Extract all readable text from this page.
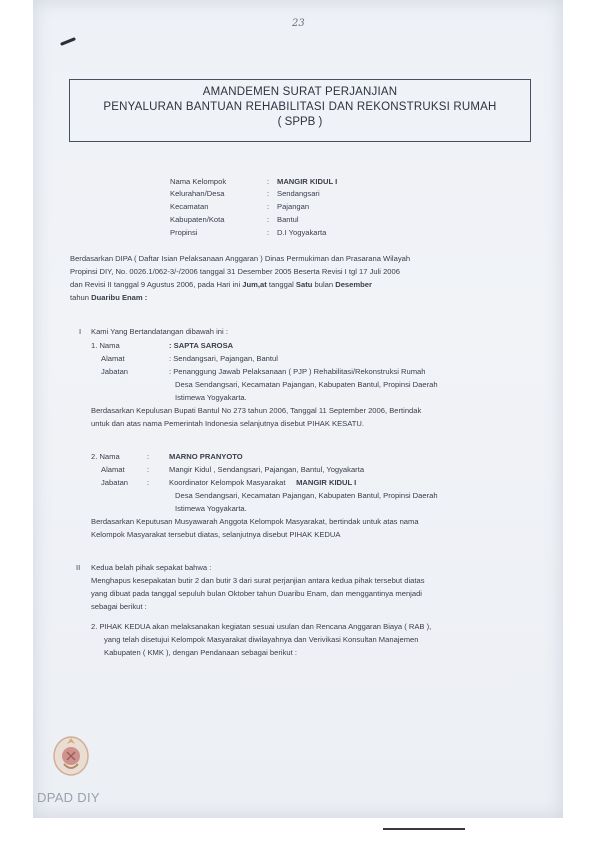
23
AMANDEMEN SURAT PERJANJIAN
PENYALURAN BANTUAN REHABILITASI DAN REKONSTRUKSI RUMAH
( SPPB )
Nama Kelompok	: MANGIR KIDUL I
Kelurahan/Desa	: Sendangsari
Kecamatan	: Pajangan
Kabupaten/Kota	: Bantul
Propinsi	: D.I Yogyakarta
Berdasarkan DIPA ( Daftar Isian Pelaksanaan Anggaran ) Dinas Permukiman dan Prasarana Wilayah
Propinsi DIY, No. 0026.1/062-3/-/2006 tanggal 31 Desember 2005 Beserta Revisi I tgl 17 Juli 2006
dan Revisi II tanggal 9 Agustus 2006, pada Hari ini Jum,at tanggal Satu bulan Desember
tahun Duaribu Enam :
I Kami Yang Bertandatangan dibawah ini :
1. Nama	: SAPTA SAROSA
Alamat	: Sendangsari, Pajangan, Bantul
Jabatan	: Penanggung Jawab Pelaksanaan ( PJP ) Rehabilitasi/Rekonstruksi Rumah
Desa Sendangsari, Kecamatan Pajangan, Kabupaten Bantul, Propinsi Daerah
Istimewa Yogyakarta.
Berdasarkan Kepulusan Bupati Bantul No 273 tahun 2006, Tanggal 11 September 2006, Bertindak
untuk dan atas nama Pemerintah Indonesia selanjutnya disebut PIHAK KESATU.
2. Nama	:	MARNO PRANYOTO
Alamat	:	Mangir Kidul , Sendangsari, Pajangan, Bantul, Yogyakarta
Jabatan :	Koordinator Kelompok Masyarakat MANGIR KIDUL I
Desa Sendangsari, Kecamatan Pajangan, Kabupaten Bantul, Propinsi Daerah
Istimewa Yogyakarta.
Berdasarkan Keputusan Musyawarah Anggota Kelompok Masyarakat, bertindak untuk atas nama
Kelompok Masyarakat tersebut diatas, selanjutnya disebut PIHAK KEDUA
II Kedua belah pihak sepakat bahwa :
Menghapus kesepakatan butir 2 dan butir 3 dari surat perjanjian antara kedua pihak tersebut diatas
yang dibuat pada tanggal sepuluh bulan Oktober tahun Duaribu Enam, dan menggantinya menjadi
sebagai berikut :
2. PIHAK KEDUA akan melaksanakan kegiatan sesuai usulan dan Rencana Anggaran Biaya ( RAB ),
yang telah disetujui Kelompok Masyarakat diwilayahnya dan Verivikasi Konsultan Manajemen
Kabupaten ( KMK ), dengan Pendanaan sebagai berikut :
DPAD DIY
